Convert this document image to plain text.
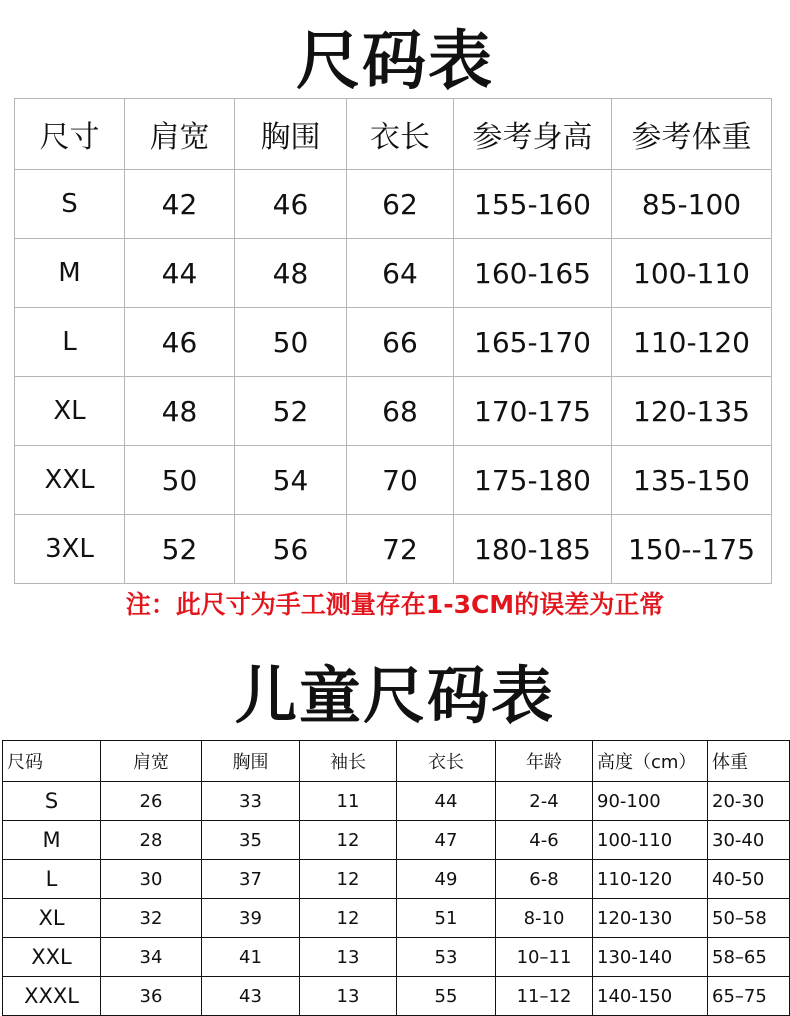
尺码表
尺寸	肩宽	胸围	衣长	参考身高	参考体重
S	42	46	62	155-160	85-100
M	44	48	64	160-165	100-110
L	46	50	66	165-170	110-120
XL	48	52	68	170-175	120-135
XXL	50	54	70	175-180	135-150
3XL	52	56	72	180-185	150--175
注：此尺寸为手工测量存在1-3CM的误差为正常
儿童尺码表
尺码	肩宽	胸围	袖长	衣长	年龄	高度（cm）	体重
S	26	33	11	44	2-4	90-100	20-30
M	28	35	12	47	4-6	100-110	30-40
L	30	37	12	49	6-8	110-120	40-50
XL	32	39	12	51	8-10	120-130	50–58
XXL	34	41	13	53	10–11	130-140	58–65
XXXL	36	43	13	55	11–12	140-150	65–75
